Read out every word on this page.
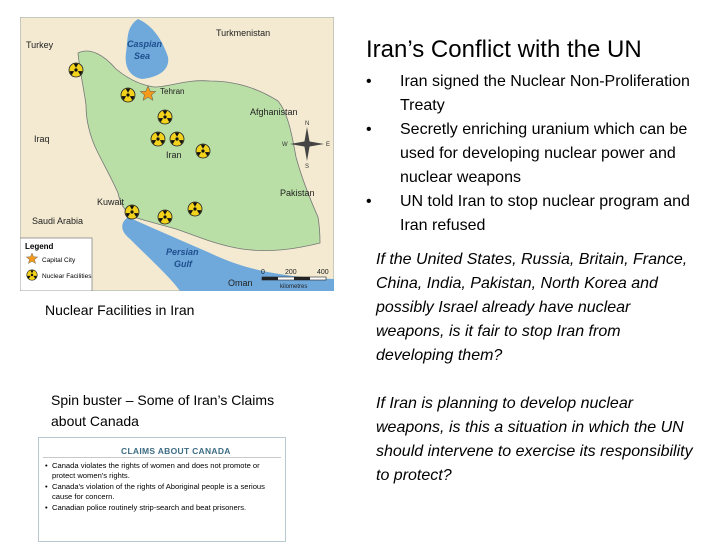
Turkmenistan
Turkey	Caspian
Sea
Tehran
Afghanistan
Iraq
Iran
Kuwait
Pakistan
Saudi Arabia
Persian
Gulf
Oman
N
S
E
W
Legend
Capital City
Nuclear Facilities
0	200	400
kilometres
Nuclear Facilities in Iran
Spin buster – Some of Iran’s Claims about Canada
CLAIMS ABOUT CANADA
• Canada violates the rights of women and does not promote or protect women's rights.
• Canada's violation of the rights of Aboriginal people is a serious cause for concern.
• Canadian police routinely strip-search and beat prisoners.
Iran’s Conflict with the UN
• Iran signed the Nuclear Non-Proliferation Treaty
• Secretly enriching uranium which can be used for developing nuclear power and nuclear weapons
• UN told Iran to stop nuclear program and Iran refused
If the United States, Russia, Britain, France, China, India, Pakistan, North Korea and possibly Israel already have nuclear weapons, is it fair to stop Iran from developing them?
If Iran is planning to develop nuclear weapons, is this a situation in which the UN should intervene to exercise its responsibility to protect?
